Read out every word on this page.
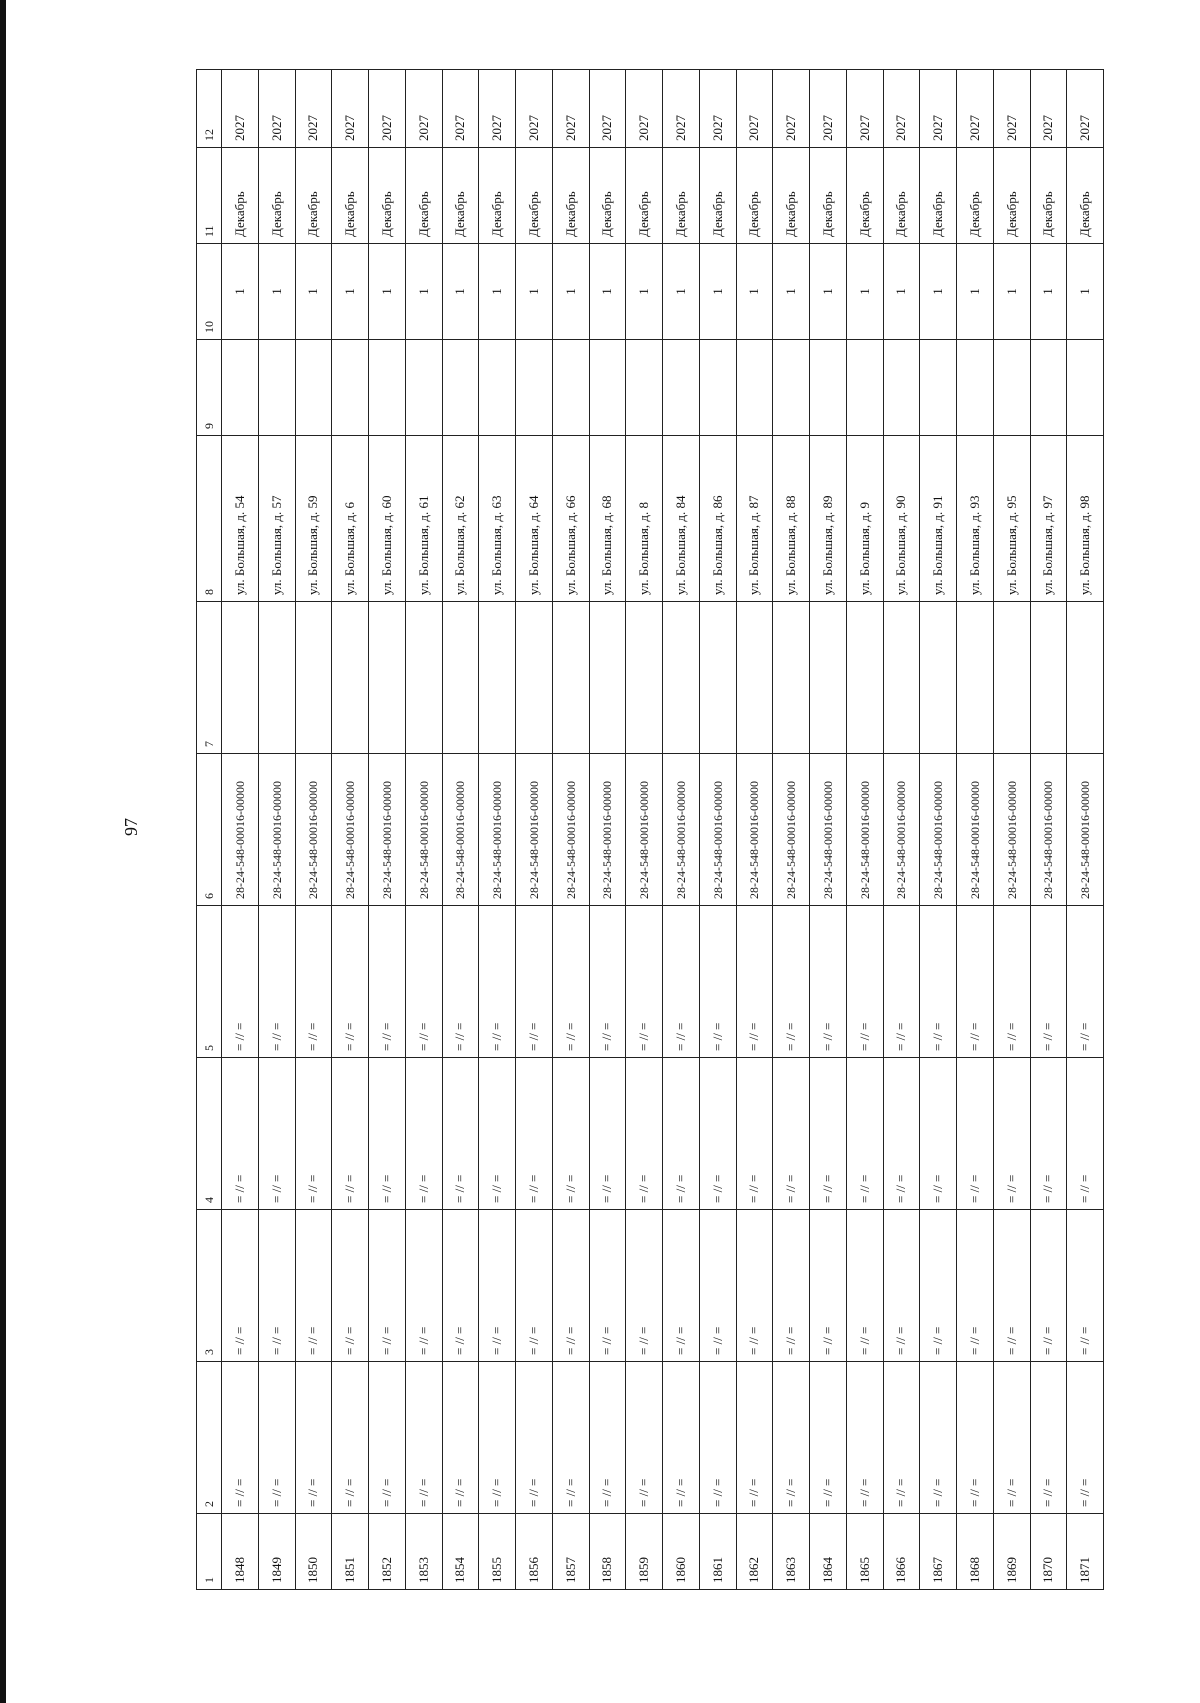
97
1	2	3	4	5	6	7	8	9	10	11	12
1848	= // =	= // =	= // =	= // =	28-24-548-00016-00000		ул. Большая, д. 54		1	Декабрь	2027
1849	= // =	= // =	= // =	= // =	28-24-548-00016-00000		ул. Большая, д. 57		1	Декабрь	2027
1850	= // =	= // =	= // =	= // =	28-24-548-00016-00000		ул. Большая, д. 59		1	Декабрь	2027
1851	= // =	= // =	= // =	= // =	28-24-548-00016-00000		ул. Большая, д. 6		1	Декабрь	2027
1852	= // =	= // =	= // =	= // =	28-24-548-00016-00000		ул. Большая, д. 60		1	Декабрь	2027
1853	= // =	= // =	= // =	= // =	28-24-548-00016-00000		ул. Большая, д. 61		1	Декабрь	2027
1854	= // =	= // =	= // =	= // =	28-24-548-00016-00000		ул. Большая, д. 62		1	Декабрь	2027
1855	= // =	= // =	= // =	= // =	28-24-548-00016-00000		ул. Большая, д. 63		1	Декабрь	2027
1856	= // =	= // =	= // =	= // =	28-24-548-00016-00000		ул. Большая, д. 64		1	Декабрь	2027
1857	= // =	= // =	= // =	= // =	28-24-548-00016-00000		ул. Большая, д. 66		1	Декабрь	2027
1858	= // =	= // =	= // =	= // =	28-24-548-00016-00000		ул. Большая, д. 68		1	Декабрь	2027
1859	= // =	= // =	= // =	= // =	28-24-548-00016-00000		ул. Большая, д. 8		1	Декабрь	2027
1860	= // =	= // =	= // =	= // =	28-24-548-00016-00000		ул. Большая, д. 84		1	Декабрь	2027
1861	= // =	= // =	= // =	= // =	28-24-548-00016-00000		ул. Большая, д. 86		1	Декабрь	2027
1862	= // =	= // =	= // =	= // =	28-24-548-00016-00000		ул. Большая, д. 87		1	Декабрь	2027
1863	= // =	= // =	= // =	= // =	28-24-548-00016-00000		ул. Большая, д. 88		1	Декабрь	2027
1864	= // =	= // =	= // =	= // =	28-24-548-00016-00000		ул. Большая, д. 89		1	Декабрь	2027
1865	= // =	= // =	= // =	= // =	28-24-548-00016-00000		ул. Большая, д. 9		1	Декабрь	2027
1866	= // =	= // =	= // =	= // =	28-24-548-00016-00000		ул. Большая, д. 90		1	Декабрь	2027
1867	= // =	= // =	= // =	= // =	28-24-548-00016-00000		ул. Большая, д. 91		1	Декабрь	2027
1868	= // =	= // =	= // =	= // =	28-24-548-00016-00000		ул. Большая, д. 93		1	Декабрь	2027
1869	= // =	= // =	= // =	= // =	28-24-548-00016-00000		ул. Большая, д. 95		1	Декабрь	2027
1870	= // =	= // =	= // =	= // =	28-24-548-00016-00000		ул. Большая, д. 97		1	Декабрь	2027
1871	= // =	= // =	= // =	= // =	28-24-548-00016-00000		ул. Большая, д. 98		1	Декабрь	2027
